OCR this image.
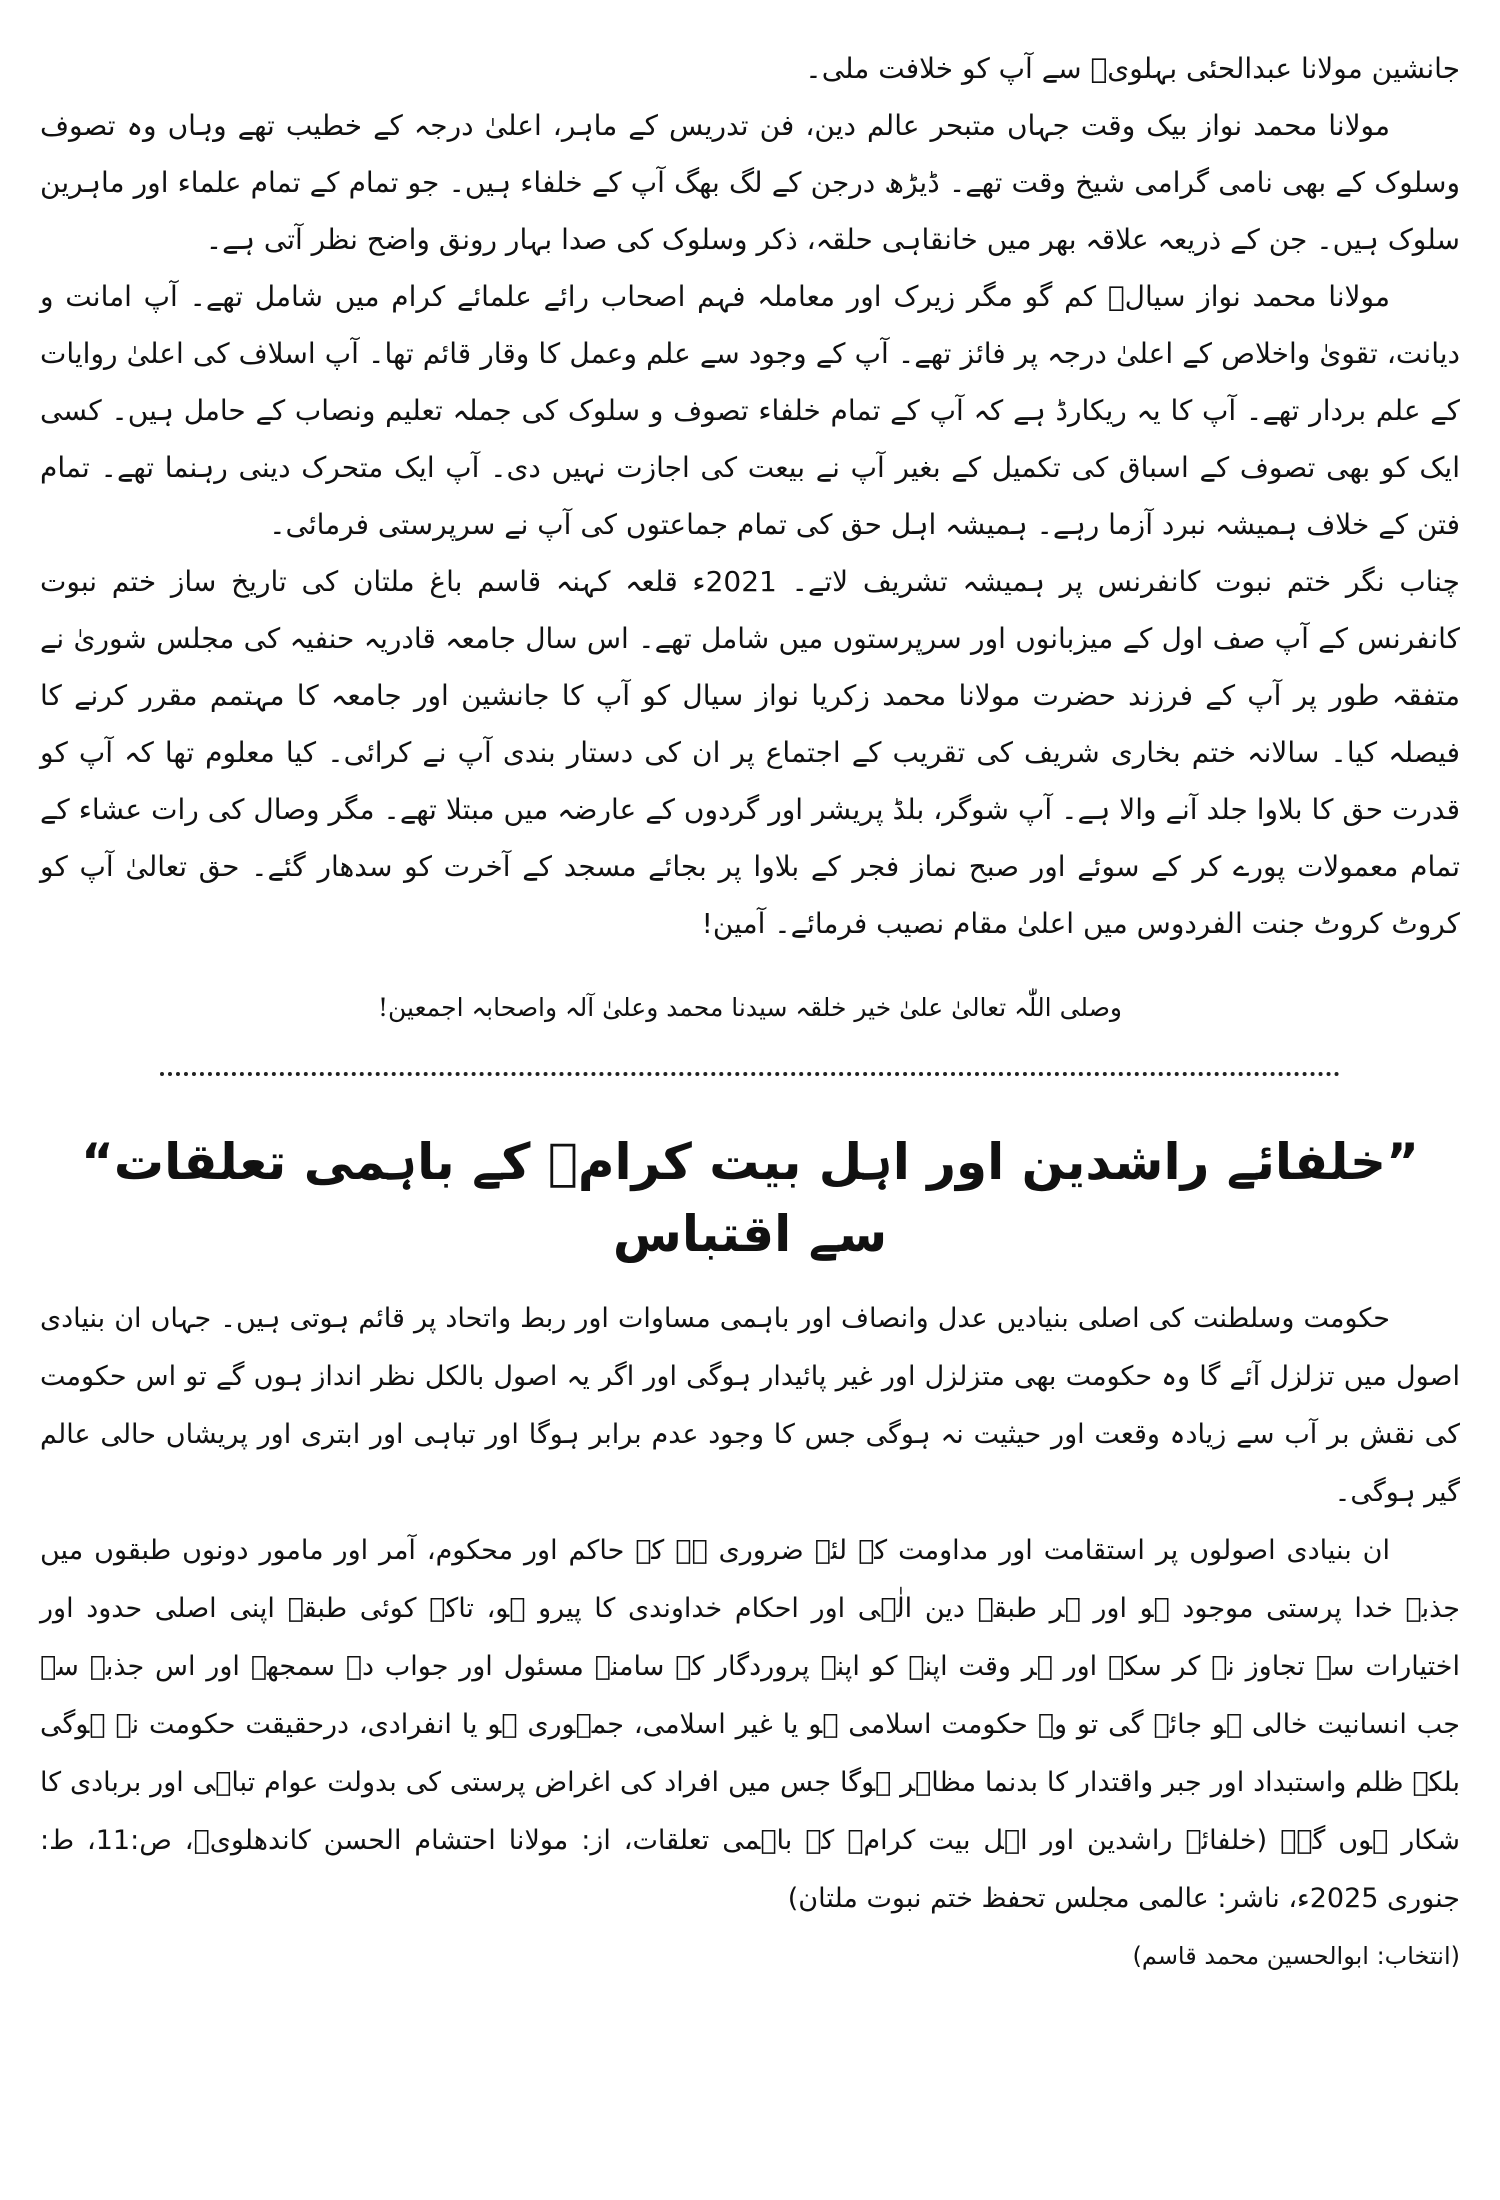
جانشین مولانا عبدالحئی بہلویؒ سے آپ کو خلافت ملی۔

مولانا محمد نواز بیک وقت جہاں متبحر عالم دین، فن تدریس کے ماہر، اعلیٰ درجہ کے خطیب تھے وہاں وہ تصوف وسلوک کے بھی نامی گرامی شیخ وقت تھے۔ ڈیڑھ درجن کے لگ بھگ آپ کے خلفاء ہیں۔ جو تمام کے تمام علماء اور ماہرین سلوک ہیں۔ جن کے ذریعہ علاقہ بھر میں خانقاہی حلقہ، ذکر وسلوک کی صدا بہار رونق واضح نظر آتی ہے۔

مولانا محمد نواز سیالؒ کم گو مگر زیرک اور معاملہ فہم اصحاب رائے علمائے کرام میں شامل تھے۔ آپ امانت و دیانت، تقویٰ واخلاص کے اعلیٰ درجہ پر فائز تھے۔ آپ کے وجود سے علم وعمل کا وقار قائم تھا۔ آپ اسلاف کی اعلیٰ روایات کے علم بردار تھے۔ آپ کا یہ ریکارڈ ہے کہ آپ کے تمام خلفاء تصوف و سلوک کی جملہ تعلیم ونصاب کے حامل ہیں۔ کسی ایک کو بھی تصوف کے اسباق کی تکمیل کے بغیر آپ نے بیعت کی اجازت نہیں دی۔ آپ ایک متحرک دینی رہنما تھے۔ تمام فتن کے خلاف ہمیشہ نبرد آزما رہے۔ ہمیشہ اہل حق کی تمام جماعتوں کی آپ نے سرپرستی فرمائی۔

چناب نگر ختم نبوت کانفرنس پر ہمیشہ تشریف لاتے۔ 2021ء قلعہ کہنہ قاسم باغ ملتان کی تاریخ ساز ختم نبوت کانفرنس کے آپ صف اول کے میزبانوں اور سرپرستوں میں شامل تھے۔ اس سال جامعہ قادریہ حنفیہ کی مجلس شوریٰ نے متفقہ طور پر آپ کے فرزند حضرت مولانا محمد زکریا نواز سیال کو آپ کا جانشین اور جامعہ کا مہتمم مقرر کرنے کا فیصلہ کیا۔ سالانہ ختم بخاری شریف کی تقریب کے اجتماع پر ان کی دستار بندی آپ نے کرائی۔ کیا معلوم تھا کہ آپ کو قدرت حق کا بلاوا جلد آنے والا ہے۔ آپ شوگر، بلڈ پریشر اور گردوں کے عارضہ میں مبتلا تھے۔ مگر وصال کی رات عشاء کے تمام معمولات پورے کر کے سوئے اور صبح نماز فجر کے بلاوا پر بجائے مسجد کے آخرت کو سدھار گئے۔ حق تعالیٰ آپ کو کروٹ کروٹ جنت الفردوس میں اعلیٰ مقام نصیب فرمائے۔ آمین!

وصلی اللّٰہ تعالیٰ علیٰ خیر خلقہ سیدنا محمد وعلیٰ آلہ واصحابہ اجمعین!

”خلفائے راشدین اور اہل بیت کرامؓ کے باہمی تعلقات“ سے اقتباس

حکومت وسلطنت کی اصلی بنیادیں عدل وانصاف اور باہمی مساوات اور ربط واتحاد پر قائم ہوتی ہیں۔ جہاں ان بنیادی اصول میں تزلزل آئے گا وہ حکومت بھی متزلزل اور غیر پائیدار ہوگی اور اگر یہ اصول بالکل نظر انداز ہوں گے تو اس حکومت کی نقش بر آب سے زیادہ وقعت اور حیثیت نہ ہوگی جس کا وجود عدم برابر ہوگا اور تباہی اور ابتری اور پریشاں حالی عالم گیر ہوگی۔

ان بنیادی اصولوں پر استقامت اور مداومت کے لئے ضروری ہے کہ حاکم اور محکوم، آمر اور مامور دونوں طبقوں میں جذبہ خدا پرستی موجود ہو اور ہر طبقہ دین الٰہی اور احکام خداوندی کا پیرو ہو، تاکہ کوئی طبقہ اپنی اصلی حدود اور اختیارات سے تجاوز نہ کر سکے اور ہر وقت اپنے کو اپنے پروردگار کے سامنے مسئول اور جواب دہ سمجھے اور اس جذبہ سے جب انسانیت خالی ہو جائے گی تو وہ حکومت اسلامی ہو یا غیر اسلامی، جمہوری ہو یا انفرادی، درحقیقت حکومت نہ ہوگی بلکہ ظلم واستبداد اور جبر واقتدار کا بدنما مظاہر ہوگا جس میں افراد کی اغراض پرستی کی بدولت عوام تباہی اور بربادی کا شکار ہوں گے۔ (خلفائے راشدین اور اہل بیت کرامؓ کے باہمی تعلقات، از: مولانا احتشام الحسن کاندھلویؒ، ص:11، ط: جنوری 2025ء، ناشر: عالمی مجلس تحفظ ختم نبوت ملتان)

(انتخاب: ابوالحسین محمد قاسم)
